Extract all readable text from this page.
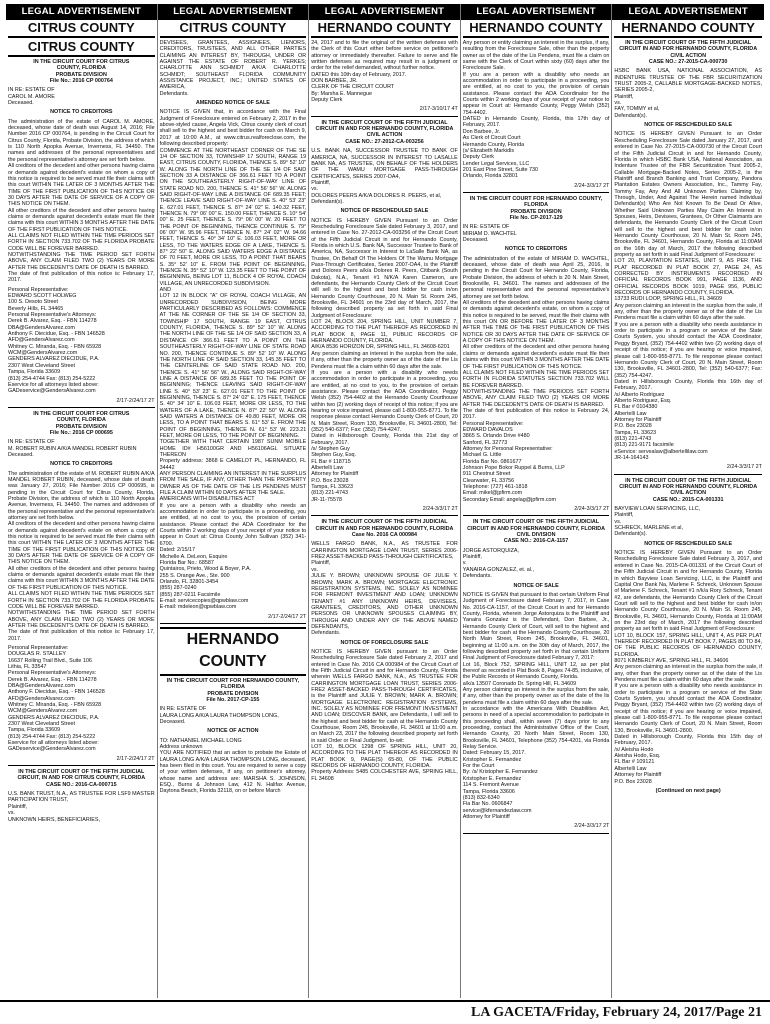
LEGAL ADVERTISEMENT
CITRUS COUNTY
CITRUS COUNTY

IN THE CIRCUIT COURT FOR CITRUS

COUNTY, FLORIDA

PROBATE DIVISION

File No.: 2016 CP 000764

IN RE: ESTATE OF

CAROL M. AMORE

Deceased.

NOTICE TO CREDITORS

The administration of the estate of CAROL M. AMORE, deceased, whose date of death was August 14, 2016; File Number 2016 CP 000764, is pending in the Circuit Court for Citrus County, Florida, Probate Division, the address of which is 110 North Apopka Avenue, Inverness, FL 34450. The names and addresses of the personal representatives and the personal representative's attorney are set forth below.

All creditors of the decedent and other persons having claims or demands against decedent's estate on whom a copy of this notice is required to be served must file their claims with this court WITHIN THE LATER OF 3 MONTHS AFTER THE TIME OF THE FIRST PUBLICATION OF THIS NOTICE OR 30 DAYS AFTER THE DATE OF SERVICE OF A COPY OF THIS NOTICE ON THEM.

All other creditors of the decedent and other persons having claims or demands against decedent's estate must file their claims with this court WITHIN 3 MONTHS AFTER THE DATE OF THE FIRST PUBLICATION OF THIS NOTICE.

ALL CLAIMS NOT FILED WITHIN THE TIME PERIODS SET FORTH IN SECTION 733.702 OF THE FLORIDA PROBATE CODE WILL BE FOREVER BARRED.

NOTWITHSTANDING THE TIME PERIOD SET FORTH ABOVE, ANY CLAIM FILED TWO (2) YEARS OR MORE AFTER THE DECEDENT'S DATE OF DEATH IS BARRED.

The date of first publication of this notice is: February 17, 2017.

Personal Representative:

EDWARD SCOTT HOLWEG

100 S. Desoto Street

Beverly Hills, FL 34465

Personal Representative's Attorneys:

Derek B. Alvarez, Esq. - FBN 114278

DBA@GendersAlvarez.com

Anthony F. Diecidue, Esq. - FBN 146528

AFD@GendersAlvarez.com

Whitney C. Miranda, Esq. - FBN 65928

WCM@GendersAlvarez.com

GENDERS ALVAREZ DIECIDUE, P.A.

2307 West Cleveland Street

Tampa, Florida 33609

(813) 254-4744 Fax: (813) 254-5222

Eservice for all attorneys listed above:

GADeservice@GendersAlvarez.com

2/17-2/24/17 2T

IN THE CIRCUIT COURT FOR CITRUS

COUNTY, FLORIDA

PROBATE DIVISION

File No.: 2016 CP 000695

IN RE: ESTATE OF

M. ROBERT RUBIN A/K/A MANDEL ROBERT RUBIN

Deceased.

NOTICE TO CREDITORS

The administration of the estate of M. ROBERT RUBIN A/K/A MANDEL ROBERT RUBIN, deceased, whose date of death was January 27, 2016; File Number 2016 CP 000695, is pending in the Circuit Court for Citrus County, Florida, Probate Division, the address of which is 110 North Apopka Avenue, Inverness, FL 34450. The names and addresses of the personal representative and the personal representative's attorney are set forth below.

All creditors of the decedent and other persons having claims or demands against decedent's estate on whom a copy of this notice is required to be served must file their claims with this court WITHIN THE LATER OF 3 MONTHS AFTER THE TIME OF THE FIRST PUBLICATION OF THIS NOTICE OR 30 DAYS AFTER THE DATE OF SERVICE OF A COPY OF THIS NOTICE ON THEM.

All other creditors of the decedent and other persons having claims or demands against decedent's estate must file their claims with this court WITHIN 3 MONTHS AFTER THE DATE OF THE FIRST PUBLICATION OF THIS NOTICE.

ALL CLAIMS NOT FILED WITHIN THE TIME PERIODS SET FORTH IN SECTION 733.702 OF THE FLORIDA PROBATE CODE WILL BE FOREVER BARRED.

NOTWITHSTANDING THE TIME PERIOD SET FORTH ABOVE, ANY CLAIM FILED TWO (2) YEARS OR MORE AFTER THE DECEDENT'S DATE OF DEATH IS BARRED.

The date of first publication of this notice is: February 17, 2017.

Personal Representative:

DOUGLAS R. STALLEY

16637 Rolling Trail Blvd., Suite 106

Lithia, FL 33547

Personal Representative's Attorneys:

Derek B. Alvarez, Esq. - FBN 114278

DBA@GendersAlvarez.com

Anthony F. Diecidue, Esq. - FBN 146528

AFD@GendersAlvarez.com

Whitney C. Miranda, Esq. - FBN 65928

WCM@GendersAlvarez.com

GENDERS ALVAREZ DIECIDUE, P.A.

2307 West Cleveland Street

Tampa, Florida 33609

(813) 254-4744 Fax: (813) 254-5222

Eservice for all attorneys listed above:

GADeservice@GendersAlvarez.com

2/17-2/24/17 2T

IN THE CIRCUIT COURT OF THE FIFTH JUDICIAL CIRCUIT, IN AND FOR CITRUS COUNTY, FLORIDA

CASE NO.: 2016-CA-000715

U.S. BANK TRUST, N.A., AS TRUSTEE FOR LSF9 MASTER PARTICIPATION TRUST,

Plaintiff,

vs.

UNKNOWN HEIRS, BENEFICIARIES,

LEGAL ADVERTISEMENT
CITRUS COUNTY

DEVISEES, GRANTEES, ASSIGNEES, LIENORS, CREDITORS, TRUSTEES, AND ALL OTHER PARTIES CLAIMING AN INTEREST BY, THROUGH, UNDER OR AGAINST THE ESTATE OF ROBERT R. YERKES; CHARLOTTE ANN SCHMIDT A/K/A CHARLOTTE SCHMIDT; SOUTHEAST FLORIDA COMMUNITY ASSISTANCE PROJECT, INC.; UNITED STATES OF AMERICA,

Defendants.

AMENDED NOTICE OF SALE

NOTICE IS GIVEN that, in accordance with the Final Judgment of Foreclosure entered on February 2, 2017 in the above-styled cause, Angela Vick, Citrus county clerk of court shall sell to the highest and best bidder for cash on March 9, 2017 at 10:00 A.M., at www.citrus.realforeclose.com, the following described property:

COMMENCE AT THE NORTHEAST CORNER OF THE SE 1/4 OF SECTION 33, TOWNSHIP 17 SOUTH, RANGE 19 EAST, CITRUS COUNTY, FLORIDA, THENCE S. 89° 52' 10" W. ALONG THE NORTH LINE OF THE SE 1/4 OF SAID SECTION 33 A DISTANCE OF 366.61 FEET TO A POINT ON THE SOUTHEASTERLY RIGHT-OF-WAY LINE OF STATE ROAD NO. 200, THENCE S. 41° 56' 56" W. ALONG SAID RIGHT-OF-WAY LINE A DISTANCE OF 689.35 FEET; THENCE LEAVE SAID RIGHT-OF-WAY LINE S. 40° 53' 23" E. 627.01 FEET, THENCE S. 87° 24' 02" E. 140.32 FEET, THENCE N. 79° 06' 00" E. 150.00 FEET, THENCE S. 10° 54' 00" E. 25 FEET, THENCE S. 79° 06' 00" W. 20 FEET TO THE POINT OF BEGINNING, THENCE CONTINUE S. 79° 06' 00" W. 95.96 FEET, THENCE N. 87° 24' 02" W. 94.66 FEET, THENCE S. 40° 34' 10" E. 106.03 FEET, MORE OR LESS, TO THE WATERS EDGE OF A LAKE, THENCE S. 87° 22' 50" E. ALONG SAID WATERS EDGE A DISTANCE OF 70 FEET, MORE OR LESS, TO A POINT THAT BEARS S. 35° 52' 10" E. FROM THE POINT OF BEGINNING, THENCE N. 35° 52' 10" W. 123.35 FEET TO THE POINT OF BEGINNING, BEING LOT 11, BLOCK 4 OF ROYAL COACH VILLAGE, AN UNRECORDED SUBDIVISION.

AND

LOT 12 IN BLOCK "A" OF ROYAL COACH VILLAGE, AN UNRECORDED SUBDIVISION, BEING MORE PARTICULARLY DESCRIBED AS FOLLOWS: COMMENCE AT THE NE CORNER OF THE SE 1/4 OF SECTION 33, TOWNSHIP 17 SOUTH, RANGE 19 EAST, CITRUS COUNTY, FLORIDA, THENCE S. 89° 52' 10" W. ALONG THE NORTH LINE OF THE SE 1/4 OF SAID SECTION 33, A DISTANCE OF 366.61 FEET TO A POINT ON THE SOUTHEASTERLY RIGHT-OF-WAY LINE OF STATE ROAD NO. 200, THENCE CONTINUE S. 89° 52' 10" W. ALONG THE NORTH LINE OF SAID SECTION 33, 145.35 FEET TO THE CENTERLINE OF SAID STATE ROAD NO. 200, THENCE S. 41° 56' 56" W., ALONG SAID RIGHT-OF-WAY LINE A DISTANCE OF 689.35 FEET TO THE POINT OF BEGINNING; THENCE LEAVING SAID RIGHT-OF-WAY LINE S. 40° 53' 23" E. 627.01 FEET TO THE POINT OF BEGINNING, THENCE S. 87° 24' 02" E. 175 FEET, THENCE S. 40° 34' 10" E. 106.03 FEET, MORE OR LESS, TO THE WATERS OF A LAKE, THENCE N. 87° 22' 50" W. ALONG SAID WATERS A DISTANCE OF 49.80 FEET, MORE OR LESS, TO A POINT THAT BEARS S. 61° 53' E. FROM THE POINT OF BEGINNING, THENCE N. 61° 53' W. 223.21 FEET, MORE OR LESS, TO THE POINT OF BEGINNING.

TOGETHER WITH THAT CERTAIN 1987 SUNM MOBILE HOME ID# H56100GR AND H56106AGL SITUATE THEREON

Property address: 3868 E CAMELOT PL, HERNANDO, FL 34442

ANY PERSON CLAIMING AN INTEREST IN THE SURPLUS FROM THE SALE, IF ANY, OTHER THAN THE PROPERTY OWNER AS OF THE DATE OF THE LIS PENDENS MUST FILE A CLAIM WITHIN 60 DAYS AFTER THE SALE.

AMERICANS WITH DISABILITIES ACT

If you are a person with a disability who needs an accommodation in order to participate in a proceeding, you are entitled, at no cost to you, the provision of certain assistance. Please contact the ADA Coordinator for the Courts within 2 working days of your receipt of your notice to appear in Court at: Citrus County John Sullivan (352) 341-6700.

Dated: 2/15/17

Michelle A. DeLeon, Esquire

Florida Bar No.: 68587

Quintairos, Prieto, Wood & Boyer, P.A.

255 S. Orange Ave., Ste. 900

Orlando, FL 32801-3454

(855) 287-0240

(855) 287-0211 Facsimile

E-mail: servicecopies@qpwblaw.com

E-mail: mdeleon@qpwblaw.com

2/17-2/24/17 2T

HERNANDO COUNTY

IN THE CIRCUIT COURT FOR HERNANDO COUNTY, FLORIDA

PROBATE DIVISION

File No. 2017-CP-155

IN RE: ESTATE OF

LAURA LONG A/K/A LAURA THOMPSON LONG,

Deceased.

NOTICE OF ACTION

TO: NATHANIEL MICHAEL LONG

Address unknown

YOU ARE NOTIFIED that an action to probate the Estate of LAURA LONG A/K/A LAURA THOMPSON LONG, deceased, has been filed in this court. You are required to serve a copy of your written defenses, if any, on petitioner's attorney, whose name and address are: MARSHA S. JOHNSON, ESQ., Burns & Johnson Law, 412 N. Halifax Avenue, Daytona Beach, Florida 32118, on or before March

LEGAL ADVERTISEMENT
HERNANDO COUNTY

24, 2017 and to file the original of the written defenses with the Clerk of this Court either before service on petitioner's attorney or immediately thereafter. Failure to serve and file written defenses as required may result in a judgment or order for the relief demanded, without further notice.

DATED this 10th day of February, 2017.

DON BARBEE, JR.

CLERK OF THE CIRCUIT COURT

By: Marsha E. Mannegue

Deputy Clerk

2/17-3/10/17 4T

IN THE CIRCUIT COURT OF THE FIFTH JUDICIAL CIRCUIT IN AND FOR HERNANDO COUNTY, FLORIDA

CIVIL ACTION

CASE NO.: 27-2012-CA-003256

U.S. BANK NA, SUCCESSOR TRUSTEE TO BANK OF AMERICA, NA, SUCCESSOR IN INTEREST TO LASALLE BANK NA, AS TRUSTEE, ON BEHALF OF THE HOLDERS OF THE WAMU MORTGAGE PASS-THROUGH CERTIFICATES, SERIES 2007-OA4,

Plaintiff,

vs.

DOLORES PEERS A/K/A DOLORES R. PEERS, et al,

Defendant(s).

NOTICE OF RESCHEDULED SALE

NOTICE IS HEREBY GIVEN Pursuant to an Order Rescheduling Foreclosure Sale dated February 3, 2017, and entered in Case No. 27-2012-CA-003256 of the Circuit Court of the Fifth Judicial Circuit in and for Hernando County, Florida in which U.S. Bank NA, Successor Trustee to Bank of America, NA, Successor in Interest to LaSalle Bank NA, as Trustee, On Behalf Of The Holders Of The Wamu Mortgage Pass-Through Certificates, Series 2007-OA4, is the Plaintiff and Dolores Peers a/k/a Dolores R. Peers, Citibank (South Dakota), N.A., Tenant #1 N/K/A Karen Cameron, are defendants, the Hernando County Clerk of the Circuit Court will sell to the highest and best bidder for cash in/on Hernando County Courthouse, 20 N. Main St. Room 245, Brooksville, FL 34601 on the 23rd day of March, 2017, the following described property as set forth in said Final Judgment of Foreclosure:

LOT 24, BLOCK 204, SPRING HILL, UNIT NUMBER 7, ACCORDING TO THE PLAT THEREOF AS RECORDED IN PLAT BOOK 8, PAGE 11, PUBLIC RECORDS OF HERNANDO COUNTY, FLORIDA.

A/K/A 8536 HORIZON DR, SPRING HILL, FL 34608-6201

Any person claiming an interest in the surplus from the sale, if any, other than the property owner as of the date of the Lis Pendens must file a claim within 60 days after the sale.

If you are a person with a disability who needs accommodation in order to participate in a proceeding, you are entitled, at no cost to you, to the provision of certain assistance. Please contact the ADA Coordinator, Peggy Welsh (352) 754-4402 at the Hernando County Courthouse within two (2) working days of receipt of this notice; if you are hearing or voice impaired, please call 1-800-955-8771. To file response please contact Hernando County Clerk of Court, 20 N. Main Street, Room 130, Brooksville, FL 34601-2800, Tel: (352) 540-6377; Fax: (352) 754-4247.

Dated in Hillsborough County, Florida this 21st day of February, 2017.

/s/ Stephen Guy

Stephen Guy, Esq.

FL Bar # 118715

Albertelli Law

Attorney for Plaintiff

P.O. Box 23028

Tampa, FL 33623

(813) 221-4743

JR-11-75578

2/24-3/3/17 2T

IN THE CIRCUIT COURT OF THE FIFTH JUDICIAL CIRCUIT IN AND FOR HERNANDO COUNTY, FLORIDA

Case No. 2016 CA 000984

WELLS FARGO BANK, N.A., AS TRUSTEE FOR CARRINGTON MORTGAGE LOAN TRUST, SERIES 2006-FRE2 ASSET-BACKED PASS-THROUGH CERTIFICATES,

Plaintiff,

vs.

JULIE Y. BROWN; UNKNOWN SPOUSE OF JULIE Y. BROWN; MARK A. BROWN; MORTGAGE ELECTRONIC REGISTRATION SYSTEMS, INC. SOLELY AS NOMINEE FOR FREMONT INVESTMENT AND LOAN; UNKNOWN TENANT #1 ANY UNKNOWN HEIRS, DEVISEES, GRANTEES, CREDITORS, AND OTHER UNKNOWN PERSONS OR UNKNOWN SPOUSES CLAIMING BY, THROUGH AND UNDER ANY OF THE ABOVE NAMED DEFENDANTS,

Defendants.

NOTICE OF FORECLOSURE SALE

NOTICE IS HEREBY GIVEN pursuant to an Order Rescheduling Foreclosure Sale dated February 2, 2017 and entered in Case No. 2016 CA 000984 of the Circuit Court of the Fifth Judicial Circuit in and for Hernando County, Florida wherein WELLS FARGO BANK, N.A., AS TRUSTEE FOR CARRINGTON MORTGAGE LOAN TRUST, SERIES 2006-FRE2 ASSET-BACKED PASS-THROUGH CERTIFICATES, is the Plaintiff and JULIE Y. BROWN; MARK A. BROWN; MORTGAGE ELECTRONIC REGISTRATION SYSTEMS, INC. SOLELY AS NOMINEE FOR FREMONT INVESTMENT AND LOAN; DISCOVER BANK, are Defendants, I will sell to the highest and best bidder for cash at the Hernando County Courthouse, Room 245, Brooksville, FL 34601 at 11:00 a.m. on March 23, 2017 the following described property set forth in said Order or Final Judgment, to-wit:

LOT 10, BLOCK 1298 OF SPRING HILL, UNIT 20, ACCORDING TO THE PLAT THEREOF AS RECORDED IN PLAT BOOK 9, PAGE(S) 65-80, OF THE PUBLIC RECORDS OF HERNANDO COUNTY, FLORIDA.

Property Address: 5485 COLCHESTER AVE, SPRING HILL, FL 34608

LEGAL ADVERTISEMENT
HERNANDO COUNTY

Any person or entity claiming an interest in the surplus, if any, resulting from the Foreclosure Sale, other than the property owner as of the date of the Lis Pendens, must file a claim on same with the Clerk of Court within sixty (60) days after the Foreclosure Sale.

If you are a person with a disability who needs an accommodation in order to participate in a proceeding, you are entitled, at no cost to you, the provision of certain assistance. Please contact the ADA Coordinator for the Courts within 2 working days of your receipt of your notice to appear in Court at: Hernando County, Peggy Welsh (352) 754-4402.

DATED in Hernando County, Florida, this 17th day of February, 2017.

Don Barbee, Jr.

As Clerk of Circuit Court

Hernando County, Florida

(s/ Elizabeth Markidis

Deputy Clerk

Lender Legal Services, LLC

201 East Pine Street, Suite 730

Orlando, Florida 32801

2/24-3/3/17 2T

IN THE CIRCUIT COURT FOR HERNANDO COUNTY, FLORIDA

PROBATE DIVISION

File No. CP-2017-129

IN RE: ESTATE OF

MIRIAM D. WACHTEL

Deceased.

NOTICE TO CREDITORS

The administration of the estate of MIRIAM D. WACHTEL, deceased, whose date of death was April 25, 2016, is pending in the Circuit Court for Hernando County, Florida, Probate Division, the address of which is 20 N. Main Street, Brooksville, FL 34601. The names and addresses of the personal representative and the personal representative's attorney are set forth below.

All creditors of the decedent and other persons having claims or demands against decedent's estate, on whom a copy of this notice is required to be served, must file their claims with this court ON OR BEFORE THE LATER OF 3 MONTHS AFTER THE TIME OF THE FIRST PUBLICATION OF THIS NOTICE OR 30 DAYS AFTER THE DATE OF SERVICE OF A COPY OF THIS NOTICE ON THEM.

All other creditors of the decedent and other persons having claims or demands against decedent's estate must file their claims with this court WITHIN 3 MONTHS AFTER THE DATE OF THE FIRST PUBLICATION OF THIS NOTICE.

ALL CLAIMS NOT FILED WITHIN THE TIME PERIODS SET FORTH IN FLORIDA STATUTES SECTION 733.702 WILL BE FOREVER BARRED.

NOTWITHSTANDING THE TIME PERIODS SET FORTH ABOVE, ANY CLAIM FILED TWO (2) YEARS OR MORE AFTER THE DECEDENT'S DATE OF DEATH IS BARRED.

The date of first publication of this notice is February 24, 2017.

Personal Representative:

EDWARD DAVALOS

3865 S. Orlando Drive #480

Sanford, FL 32773

Attorney for Personal Representative:

Michael G. Little

Florida Bar No. 0861677

Johnson Pope Bokor Ruppel & Burns, LLP

911 Chestnut Street

Clearwater, FL 33756

Telephone: (727) 461-1818

Email: mikel@jpfirm.com

Secondary Email: angelag@jpfirm.com

2/24-3/3/17 2T

IN THE CIRCUIT COURT OF THE FIFTH JUDICIAL CIRCUIT IN AND FOR HERNANDO COUNTY, FLORIDA

CIVIL DIVISION

CASE NO.: 2016-CA-1157

JORGE ASTORQUIZA,

Plaintiff,

v.

YANAIRA GONZALEZ, et. al.,

Defendants.

NOTICE OF SALE

NOTICE IS GIVEN that pursuant to that certain Uniform Final Judgment of Foreclosure dated February 7, 2017, in Case No. 2016-CA-1157, of the Circuit Court in and for Hernando County, Florida, wherein Jorge Astorquiza is the Plaintiff and Yanaira Gonzalez is the Defendant, Don Barbee, Jr., Hernando County Clerk of Court, will sell to the highest and best bidder for cash at the Hernando County Courthouse, 20 North Main Street, Room 245, Brooksville, FL 34601, beginning at 11:00 a.m. on the 30th day of March, 2017, the following described property set forth in that certain Uniform Final Judgment of Foreclosure dated February 7, 2017:

Lot 16, Block 752, SPRING HILL, UNIT 12, as per plat thereof as recorded in Plat Book 8, Pages 74-85, inclusive, of the Public Records of Hernando County, Florida.

a/k/a 13507 Coronado Dr. Spring Hill, FL 34609

Any person claiming an interest in the surplus from the sale, if any, other than the property owner as of the date of the lis pendens must file a claim within 60 days after the sale.

In accordance with the Americans With Disabilities Act, persons in need of a special accommodation to participate in this proceeding shall, within seven (7) days prior to any proceeding, contact the Administrative Office of the Court, Hernando County, 20 North Main Street, Room 130, Brooksville, FL 34601, Telephone (352) 754-4201, via Florida Relay Service.

Dated: February 15, 2017.

Kristopher E. Fernandez

For the Court

By: /s/ Kristopher E. Fernandez

Kristopher E. Fernandez

114 S. Fremont Avenue

Tampa, Florida 33606

(813) 832-6340

Fla Bar No. 0606847

service@kfernandezlaw.com

Attorney for Plaintiff

2/24-3/3/17 2T

LEGAL ADVERTISEMENT
HERNANDO COUNTY

IN THE CIRCUIT COURT OF THE FIFTH JUDICIAL CIRCUIT IN AND FOR HERNANDO COUNTY, FLORIDA

CIVIL ACTION

CASE NO.: 27-2015-CA-000730

HSBC BANK USA, NATIONAL ASSOCIATION, AS INDENTURE TRUSTEE OF THE FBR SECURITIZATION TRUST 2005-2, CALLABLE MORTGAGE-BACKED NOTES, SERIES 2005-2,

Plaintiff,

vs.

FAY, TOMMY et al,

Defendant(s).

NOTICE OF RESCHEDULED SALE

NOTICE IS HEREBY GIVEN Pursuant to an Order Rescheduling Foreclosure Sale dated January 27, 2017, and entered in Case No. 27-2015-CA-000730 of the Circuit Court of the Fifth Judicial Circuit in and for Hernando County, Florida in which HSBC Bank USA, National Association, as Indenture Trustee of the FBR Securitization Trust 2005-2, Callable Mortgage-Backed Notes, Series 2005-2, is the Plaintiff and Branch Banking and Trust Company, Pandora Plantation Estates Owners Association, Inc., Tammy Fay, Tommy Fay, Any And All Unknown Parties Claiming by, Through, Under, And Against The Herein named Individual Defendant(s) Who Are Not Known To Be Dead Or Alive, Whether Said Unknown Parties May Claim An Interest in Spouses, Heirs, Devisees, Grantees, Or Other Claimants are defendants, the Hernando County Clerk of the Circuit Court will sell to the highest and best bidder for cash in/on Hernando County Courthouse, 20 N. Main St. Room 245, Brooksville, FL 34601, Hernando County, Florida at 11:00AM on the 16th day of March, 2017 the following described property as set forth in said Final Judgment of Foreclosure:

LOT 20, PLANTATION ESTATES, UNIT 9, AS PER THE PLAT RECORDED IN PLAT BOOK 27, PAGE 24, AS CORRECTED BY INSTRUMENTS RECORDED IN OFFICIAL RECORDS BOOK 991, PAGE 1136, AND OFFICIAL RECORDS BOOK 1019, PAGE 956, PUBLIC RECORDS OF HERNANDO COUNTY, FLORIDA.

13733 RUDI LOOP, SPRING HILL, FL 34609

Any person claiming an interest in the surplus from the sale, if any, other than the property owner as of the date of the Lis Pendens must file a claim within 60 days after the sale.

If you are a person with a disability who needs assistance in order to participate in a program or service of the State Courts System, you should contact the ADA Coordinator, Peggy Bryant, (352) 754-4402 within two (2) working days of receipt of this notice; if you are hearing or voice impaired, please call 1-800-955-8771. To file response please contact Hernando County Clerk of Court, 20 N. Main Street, Room 130, Brooksville, FL 34601-2800, Tel: (352) 540-6377; Fax: (352) 754-4247.

Dated in Hillsborough County, Florida this 16th day of February, 2017.

/s/ Alberto Rodriguez

Alberto Rodriguez, Esq.

FL Bar # 0104380

Albertelli Law

Attorney for Plaintiff

P.O. Box 23028

Tampa, FL 33623

(813) 221-4743

(813) 221-9171 facsimile

eService: servealaw@albertellilaw.com

JR-14-164143

2/24-3/3/17 2T

IN THE CIRCUIT COURT OF THE FIFTH JUDICIAL CIRCUIT IN AND FOR HERNANDO COUNTY, FLORIDA

CIVIL ACTION

CASE NO.: 2015-CA-001331

BAYVIEW LOAN SERVICING, LLC,

Plaintiff,

vs.

SCHRECK, MARLENE et al,

Defendant(s).

NOTICE OF RESCHEDULED SALE

NOTICE IS HEREBY GIVEN Pursuant to an Order Rescheduling Foreclosure Sale dated February 3, 2017, and entered in Case No. 2015-CA-001331 of the Circuit Court of the Fifth Judicial Circuit in and for Hernando County, Florida in which Bayview Loan Servicing, LLC, is the Plaintiff and Capital One Bank Na, Marlene F. Schreck, Unknown Spouse of Marlene F. Schreck, Tenant #1 n/k/a Rory Schreck, Tenant #2, are defendants, the Hernando County Clerk of the Circuit Court will sell to the highest and best bidder for cash in/on Hernando County Courthouse, 20 N. Main St. Room 245, Brooksville, FL 34601, Hernando County, Florida at 11:00AM on the 23rd day of March, 2017 the following described property as set forth in said Final Judgment of Foreclosure:

LOT 10, BLOCK 157, SPRING HILL, UNIT 4, AS PER PLAT THEREOF RECORDED IN PLAT BOOK 7, PAGES 80 TO 84, OF THE PUBLIC RECORDS OF HERNANDO COUNTY, FLORIDA.

8071 KIMBERLY AVE, SPRING HILL, FL 34606

Any person claiming an interest in the surplus from the sale, if any, other than the property owner as of the date of the Lis Pendens must file a claim within 60 days after the sale.

If you are a person with a disability who needs assistance in order to participate in a program or service of the State Courts System, you should contact the ADA Coordinator, Peggy Bryant, (352) 754-4402 within two (2) working days of receipt of this notice; if you are hearing or voice impaired, please call 1-800-955-8771. To file response please contact Hernando County Clerk of Court, 20 N. Main Street, Room 130, Brooksville, FL 34601-2800.

Dated in Hillsborough County, Florida this 15th day of February, 2017.

/s/ Aleisha Hodo

Aleisha Hodo, Esq.

FL Bar # 109121

Albertelli Law

Attorney for Plaintiff

P.O. Box 23028

(Continued on next page)

LA GACETA/Friday, February 24, 2017/Page 21
